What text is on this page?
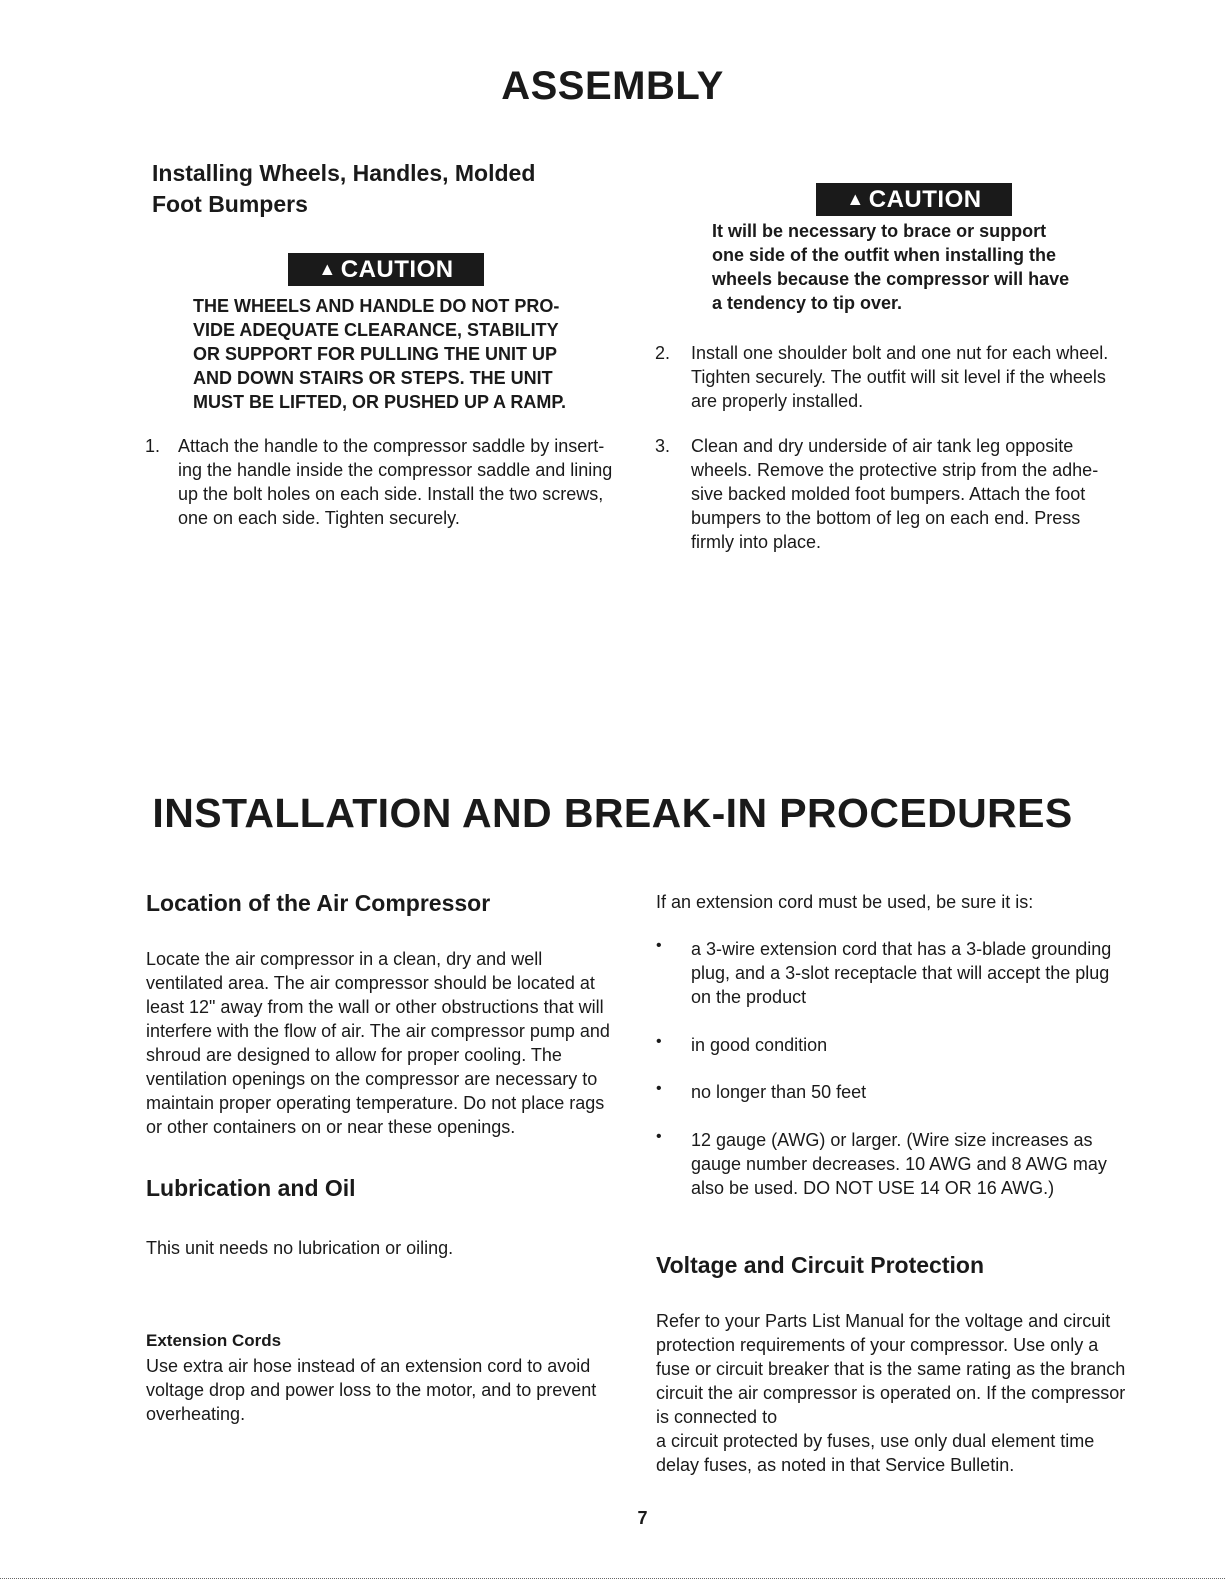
ASSEMBLY

Installing Wheels, Handles, Molded

Foot Bumpers

▲ CAUTION

THE WHEELS AND HANDLE DO NOT PRO-

VIDE ADEQUATE CLEARANCE, STABILITY

OR SUPPORT FOR PULLING THE UNIT UP

AND DOWN STAIRS OR STEPS. THE UNIT

MUST BE LIFTED, OR PUSHED UP A RAMP.

▲ CAUTION

It will be necessary to brace or support

one side of the outfit when installing the

wheels because the compressor will have

a tendency to tip over.

1. Attach the handle to the compressor saddle by insert-

ing the handle inside the compressor saddle and lining

up the bolt holes on each side. Install the two screws,

one on each side. Tighten securely.

2. Install one shoulder bolt and one nut for each wheel.

Tighten securely. The outfit will sit level if the wheels

are properly installed.

3. Clean and dry underside of air tank leg opposite

wheels. Remove the protective strip from the adhe-

sive backed molded foot bumpers. Attach the foot

bumpers to the bottom of leg on each end. Press

firmly into place.

INSTALLATION AND BREAK-IN PROCEDURES

Location of the Air Compressor

Locate the air compressor in a clean, dry and well

ventilated area. The air compressor should be located at

least 12" away from the wall or other obstructions that will

interfere with the flow of air. The air compressor pump and

shroud are designed to allow for proper cooling. The

ventilation openings on the compressor are necessary to

maintain proper operating temperature. Do not place rags

or other containers on or near these openings.

Lubrication and Oil

This unit needs no lubrication or oiling.

Extension Cords

Use extra air hose instead of an extension cord to avoid

voltage drop and power loss to the motor, and to prevent

overheating.

If an extension cord must be used, be sure it is:

• a 3-wire extension cord that has a 3-blade grounding

plug, and a 3-slot receptacle that will accept the plug

on the product

• in good condition

• no longer than 50 feet

• 12 gauge (AWG) or larger. (Wire size increases as

gauge number decreases. 10 AWG and 8 AWG may

also be used. DO NOT USE 14 OR 16 AWG.)

Voltage and Circuit Protection

Refer to your Parts List Manual for the voltage and circuit

protection requirements of your compressor. Use only a

fuse or circuit breaker that is the same rating as the branch

circuit the air compressor is operated on. If the compressor

is connected to

a circuit protected by fuses, use only dual element time

delay fuses, as noted in that Service Bulletin.

7
